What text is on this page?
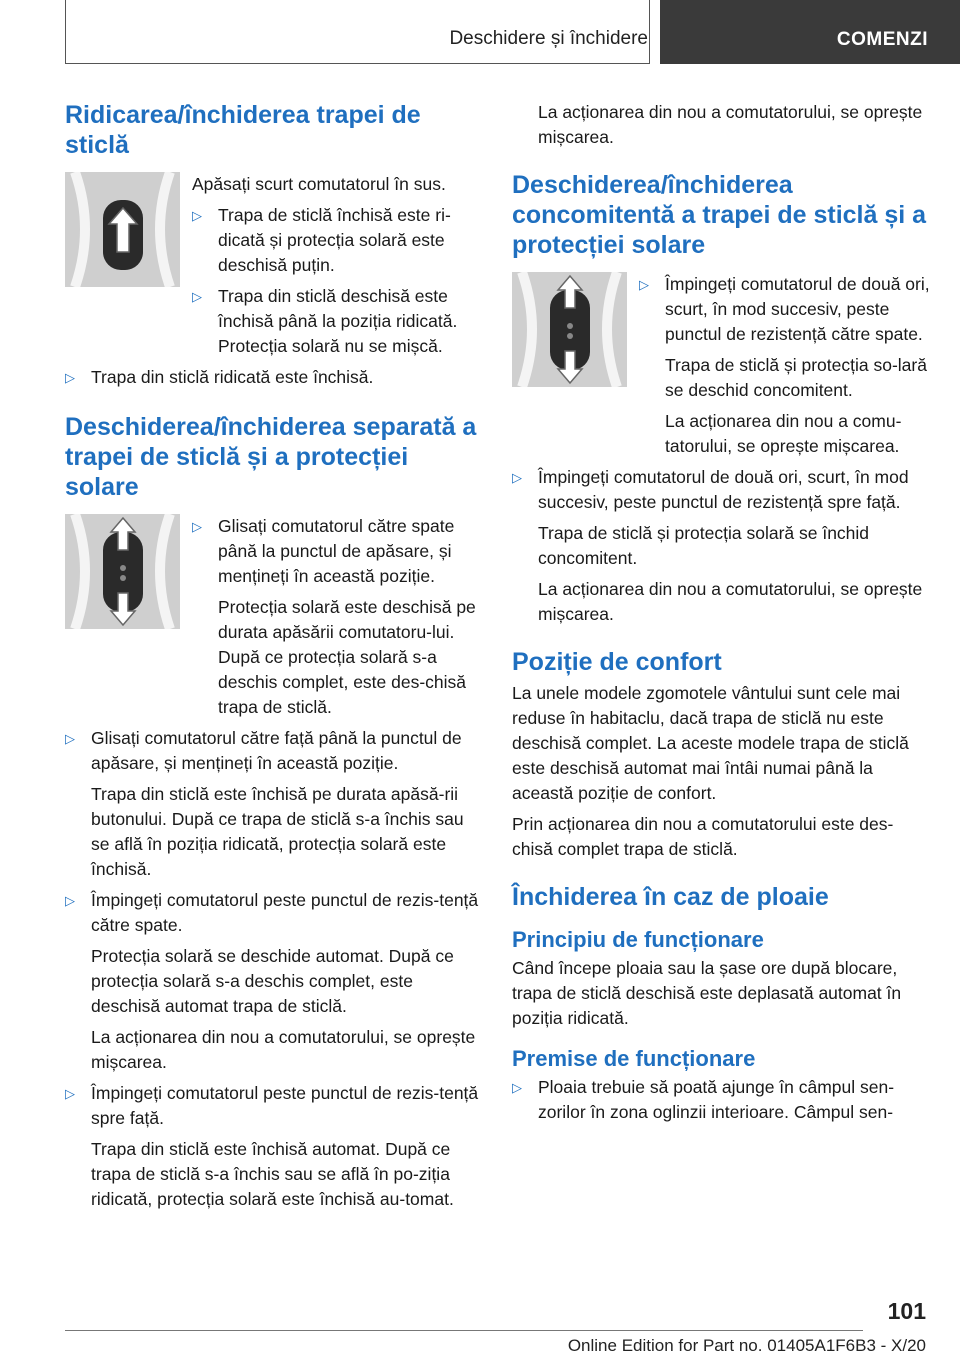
Deschidere și închidere	COMENZI
Ridicarea/închiderea trapei de sticlă

Apăsați scurt comutatorul în sus.

▷ Trapa de sticlă închisă este ri‐dicată și protecția solară este deschisă puțin.

▷ Trapa din sticlă deschisă este închisă până la poziția ridicată. Protecția solară nu se mișcă.

▷ Trapa din sticlă ridicată este închisă.

Deschiderea/închiderea separată a trapei de sticlă și a protecției solare
▷ Glisați comutatorul către spate până la punctul de apăsare, și mențineți în această poziție.

Protecția solară este deschisă pe durata apăsării comutatoru‐lui. După ce protecția solară s-a deschis complet, este des‐chisă trapa de sticlă.

▷ Glisați comutatorul către față până la punctul de apăsare, și mențineți în această poziție.

Trapa din sticlă este închisă pe durata apăsă‐rii butonului. După ce trapa de sticlă s-a închis sau se află în poziția ridicată, protecția solară este închisă.

▷ Împingeți comutatorul peste punctul de rezis‐tență către spate.

Protecția solară se deschide automat. După ce protecția solară s-a deschis complet, este deschisă automat trapa de sticlă.

La acționarea din nou a comutatorului, se oprește mișcarea.

▷ Împingeți comutatorul peste punctul de rezis‐tență spre față.

Trapa din sticlă este închisă automat. După ce trapa de sticlă s-a închis sau se află în po‐ziția ridicată, protecția solară este închisă au‐tomat.

La acționarea din nou a comutatorului, se oprește mișcarea.

Deschiderea/închiderea concomitentă a trapei de sticlă și a protecției solare
▷ Împingeți comutatorul de două ori, scurt, în mod succesiv, peste punctul de rezistență către spate.

Trapa de sticlă și protecția so‐lară se deschid concomitent.

La acționarea din nou a comu‐tatorului, se oprește mișcarea.

▷ Împingeți comutatorul de două ori, scurt, în mod succesiv, peste punctul de rezistență spre față.

Trapa de sticlă și protecția solară se închid concomitent.

La acționarea din nou a comutatorului, se oprește mișcarea.

Poziție de confort

La unele modele zgomotele vântului sunt cele mai reduse în habitaclu, dacă trapa de sticlă nu este deschisă complet. La aceste modele trapa de sticlă este deschisă automat mai întâi numai până la această poziție de confort.

Prin acționarea din nou a comutatorului este des‐chisă complet trapa de sticlă.

Închiderea în caz de ploaie
Principiu de funcționare

Când începe ploaia sau la șase ore după blocare, trapa de sticlă deschisă este deplasată automat în poziția ridicată.

Premise de funcționare
▷ Ploaia trebuie să poată ajunge în câmpul sen‐zorilor în zona oglinzii interioare. Câmpul sen‐

101
Online Edition for Part no. 01405A1F6B3 - X/20
